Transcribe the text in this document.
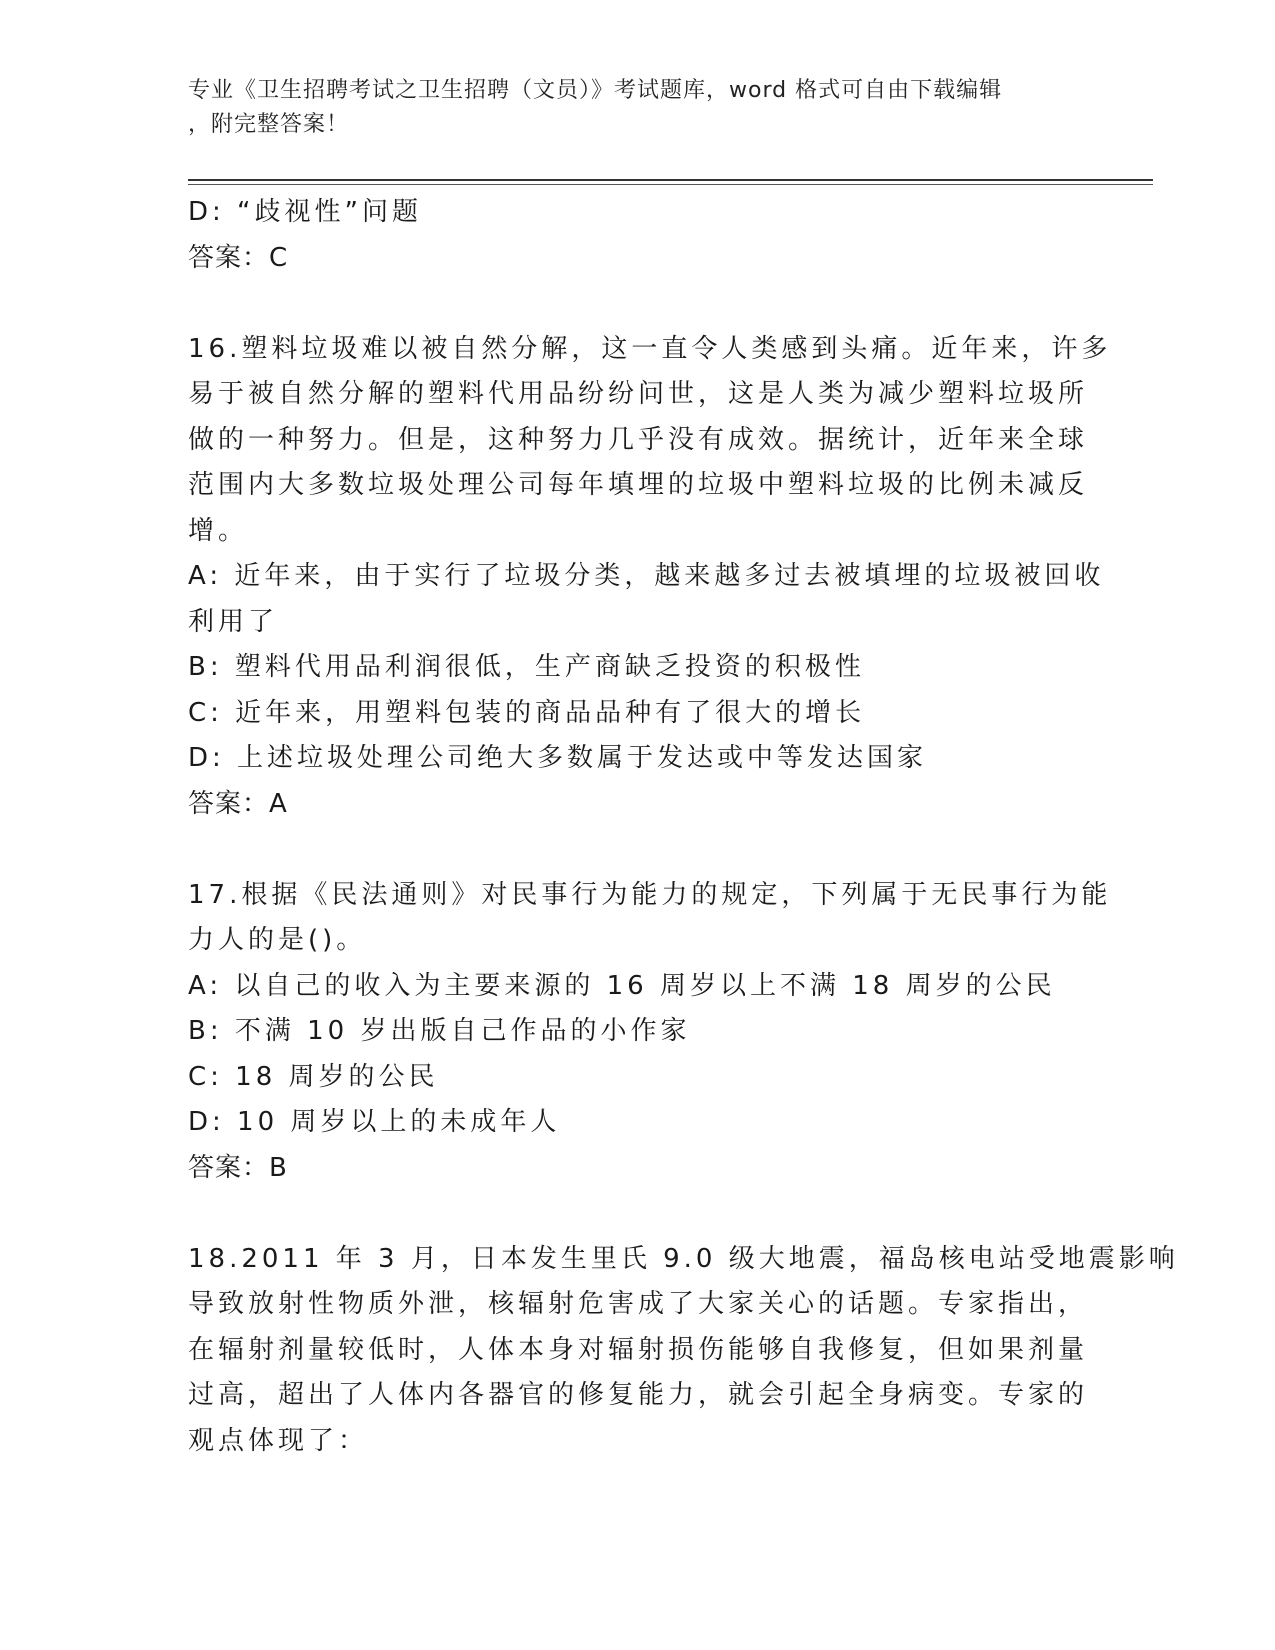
专业《卫生招聘考试之卫生招聘（文员）》考试题库，word 格式可自由下载编辑
，附完整答案！
D: “歧视性”问题
答案：C
16.塑料垃圾难以被自然分解，这一直令人类感到头痛。近年来，许多
易于被自然分解的塑料代用品纷纷问世，这是人类为减少塑料垃圾所
做的一种努力。但是，这种努力几乎没有成效。据统计，近年来全球
范围内大多数垃圾处理公司每年填埋的垃圾中塑料垃圾的比例未减反
增。
A: 近年来，由于实行了垃圾分类，越来越多过去被填埋的垃圾被回收
利用了
B: 塑料代用品利润很低，生产商缺乏投资的积极性
C: 近年来，用塑料包装的商品品种有了很大的增长
D: 上述垃圾处理公司绝大多数属于发达或中等发达国家
答案：A
17.根据《民法通则》对民事行为能力的规定，下列属于无民事行为能
力人的是()。
A: 以自己的收入为主要来源的 16 周岁以上不满 18 周岁的公民
B: 不满 10 岁出版自己作品的小作家
C: 18 周岁的公民
D: 10 周岁以上的未成年人
答案：B
18.2011 年 3 月，日本发生里氏 9.0 级大地震，福岛核电站受地震影响
导致放射性物质外泄，核辐射危害成了大家关心的话题。专家指出，
在辐射剂量较低时，人体本身对辐射损伤能够自我修复，但如果剂量
过高，超出了人体内各器官的修复能力，就会引起全身病变。专家的
观点体现了：
